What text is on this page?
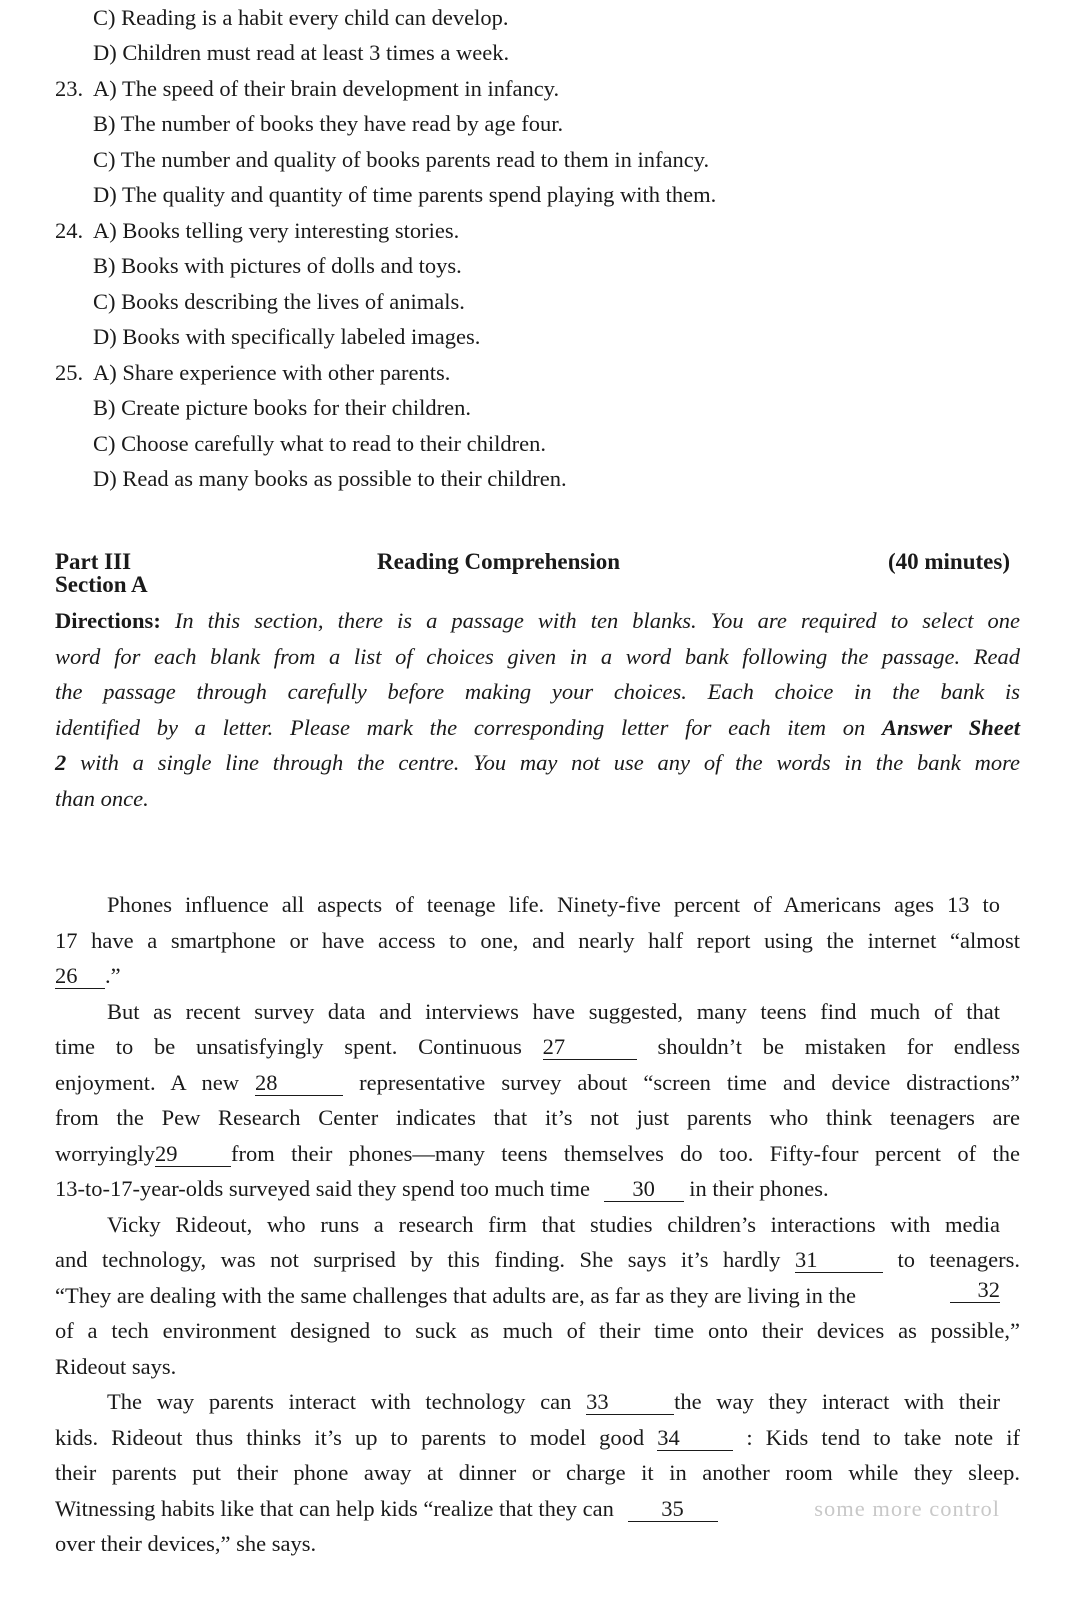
C) Reading is a habit every child can develop.
D) Children must read at least 3 times a week.
23. A) The speed of their brain development in infancy.
B) The number of books they have read by age four.
C) The number and quality of books parents read to them in infancy.
D) The quality and quantity of time parents spend playing with them.
24. A) Books telling very interesting stories.
B) Books with pictures of dolls and toys.
C) Books describing the lives of animals.
D) Books with specifically labeled images.
25. A) Share experience with other parents.
B) Create picture books for their children.
C) Choose carefully what to read to their children.
D) Read as many books as possible to their children.
Part III	Reading Comprehension	(40 minutes)
Section A
Directions: In this section, there is a passage with ten blanks. You are required to select one
word for each blank from a list of choices given in a word bank following the passage. Read
the passage through carefully before making your choices. Each choice in the bank is
identified by a letter. Please mark the corresponding letter for each item on Answer Sheet
2 with a single line through the centre. You may not use any of the words in the bank more
than once.
Phones influence all aspects of teenage life. Ninety-five percent of Americans ages 13 to
17 have a smartphone or have access to one, and nearly half report using the internet “almost
26 .”
But as recent survey data and interviews have suggested, many teens find much of that
time to be unsatisfyingly spent. Continuous 27	shouldn’t be mistaken for endless
enjoyment. A new 28	representative survey about “screen time and device distractions”
from the Pew Research Center indicates that it’s not just parents who think teenagers are
worryingly29 from their phones—many teens themselves do too. Fifty-four percent of the
13-to-17-year-olds surveyed said they spend too much time 30 in their phones.
Vicky Rideout, who runs a research firm that studies children’s interactions with media
and technology, was not surprised by this finding. She says it’s hardly 31	to teenagers.
“They are dealing with the same challenges that adults are, as far as they are living in the	32
of a tech environment designed to suck as much of their time onto their devices as possible,”
Rideout says.
The way parents interact with technology can 33	the way they interact with their
kids. Rideout thus thinks it’s up to parents to model good 34	: Kids tend to take note if
their parents put their phone away at dinner or charge it in another room while they sleep.
Witnessing habits like that can help kids “realize that they can 35	some more control
over their devices,” she says.
